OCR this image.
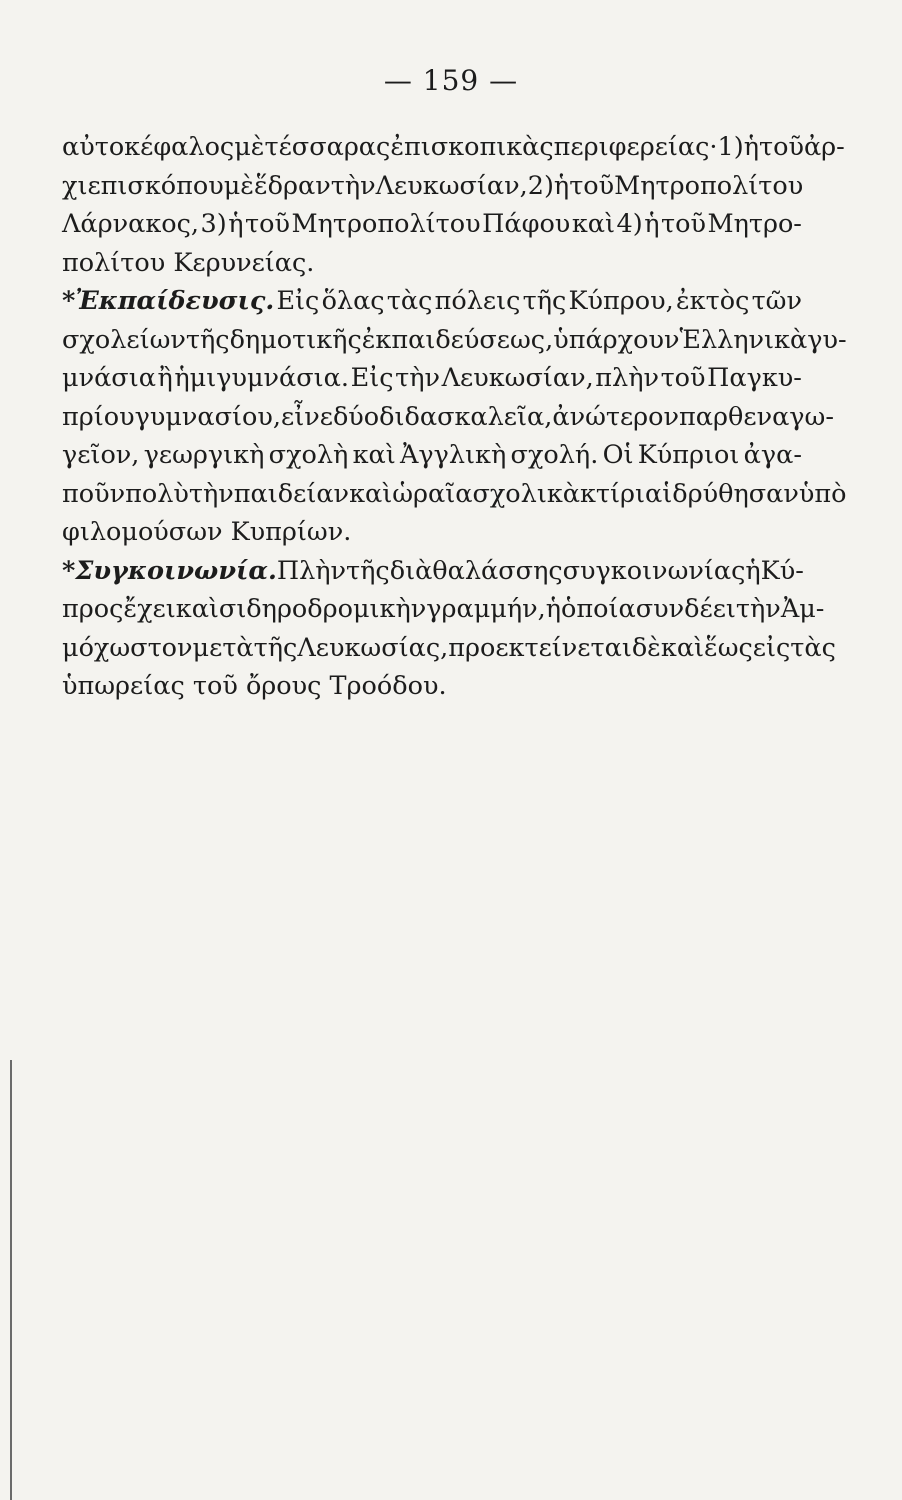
— 159 —
αὐτοκέφαλος μὲ τέσσαρας ἐπισκοπικὰς περιφερείας· 1) ἡ τοῦ ἀρ-
χιεπισκόπου μὲ ἕδραν τὴν Λευκωσίαν, 2) ἡ τοῦ Μητροπολίτου
Λάρνακος, 3) ἡ τοῦ Μητροπολίτου Πάφου καὶ 4) ἡ τοῦ Μητρο-
πολίτου
Κερυνείας.
*Ἐκπαίδευσις. Εἰς ὅλας τὰς πόλεις τῆς Κύπρου, ἐκτὸς τῶν
σχολείων τῆς δημοτικῆς ἐκπαιδεύσεως, ὑπάρχουν Ἑλληνικὰ γυ-
μνάσια ἢ ἡμιγυμνάσια. Εἰς τὴν Λευκωσίαν, πλὴν τοῦ Παγκυ-
πρίου γυμνασίου, εἶνε δύο διδασκαλεῖα, ἀνώτερον παρθεναγω-
γεῖον, γεωργικὴ σχολὴ καὶ Ἀγγλικὴ σχολή. Οἱ Κύπριοι ἀγα-
ποῦν πολὺ τὴν παιδείαν καὶ ὡραῖα σχολικὰ κτίρια ἱδρύθησαν ὑπὸ
φιλομούσων
Κυπρίων.
*Συγκοινωνία. Πλὴν τῆς διὰ θαλάσσης συγκοινωνίας ἡ Κύ-
προς ἔχει καὶ σιδηροδρομικὴν γραμμήν, ἡ ὁποία συνδέει τὴν Ἀμ-
μόχωστον μετὰ τῆς Λευκωσίας, προεκτείνεται δὲ καὶ ἕως εἰς τὰς
ὑπωρείας
τοῦ
ὄρους
Τροόδου.
